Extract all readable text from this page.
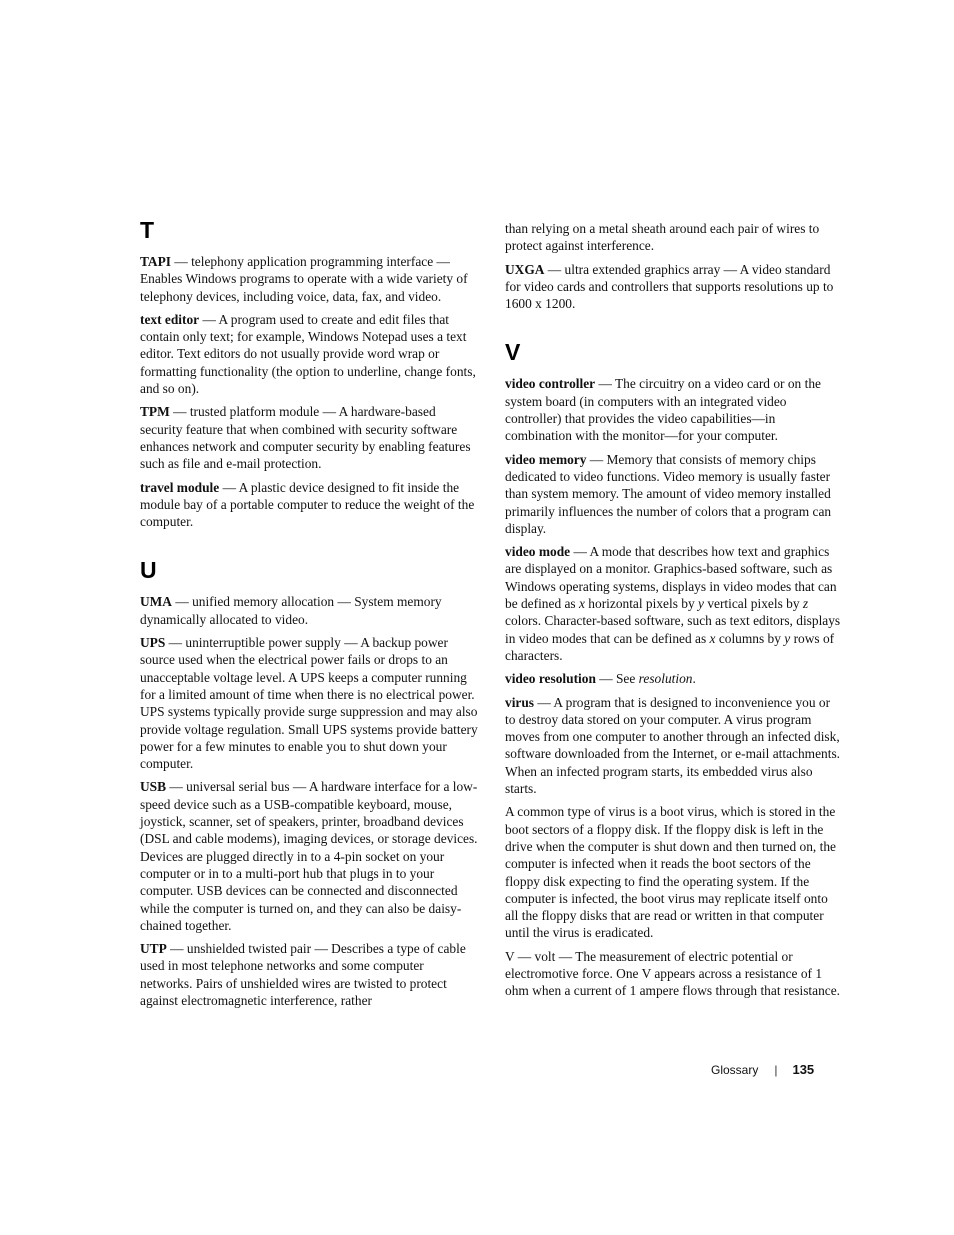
T

TAPI — telephony application programming interface — Enables Windows programs to operate with a wide variety of telephony devices, including voice, data, fax, and video.

text editor — A program used to create and edit files that contain only text; for example, Windows Notepad uses a text editor. Text editors do not usually provide word wrap or formatting functionality (the option to underline, change fonts, and so on).

TPM — trusted platform module — A hardware-based security feature that when combined with security software enhances network and computer security by enabling features such as file and e-mail protection.

travel module — A plastic device designed to fit inside the module bay of a portable computer to reduce the weight of the computer.

U

UMA — unified memory allocation — System memory dynamically allocated to video.

UPS — uninterruptible power supply — A backup power source used when the electrical power fails or drops to an unacceptable voltage level. A UPS keeps a computer running for a limited amount of time when there is no electrical power. UPS systems typically provide surge suppression and may also provide voltage regulation. Small UPS systems provide battery power for a few minutes to enable you to shut down your computer.

USB — universal serial bus — A hardware interface for a low-speed device such as a USB-compatible keyboard, mouse, joystick, scanner, set of speakers, printer, broadband devices (DSL and cable modems), imaging devices, or storage devices. Devices are plugged directly in to a 4-pin socket on your computer or in to a multi-port hub that plugs in to your computer. USB devices can be connected and disconnected while the computer is turned on, and they can also be daisy-chained together.

UTP — unshielded twisted pair — Describes a type of cable used in most telephone networks and some computer networks. Pairs of unshielded wires are twisted to protect against electromagnetic interference, rather

than relying on a metal sheath around each pair of wires to protect against interference.

UXGA — ultra extended graphics array — A video standard for video cards and controllers that supports resolutions up to 1600 x 1200.

V

video controller — The circuitry on a video card or on the system board (in computers with an integrated video controller) that provides the video capabilities—in combination with the monitor—for your computer.

video memory — Memory that consists of memory chips dedicated to video functions. Video memory is usually faster than system memory. The amount of video memory installed primarily influences the number of colors that a program can display.

video mode — A mode that describes how text and graphics are displayed on a monitor. Graphics-based software, such as Windows operating systems, displays in video modes that can be defined as x horizontal pixels by y vertical pixels by z colors. Character-based software, such as text editors, displays in video modes that can be defined as x columns by y rows of characters.

video resolution — See resolution.

virus — A program that is designed to inconvenience you or to destroy data stored on your computer. A virus program moves from one computer to another through an infected disk, software downloaded from the Internet, or e-mail attachments. When an infected program starts, its embedded virus also starts.

A common type of virus is a boot virus, which is stored in the boot sectors of a floppy disk. If the floppy disk is left in the drive when the computer is shut down and then turned on, the computer is infected when it reads the boot sectors of the floppy disk expecting to find the operating system. If the computer is infected, the boot virus may replicate itself onto all the floppy disks that are read or written in that computer until the virus is eradicated.

V — volt — The measurement of electric potential or electromotive force. One V appears across a resistance of 1 ohm when a current of 1 ampere flows through that resistance.

Glossary | 135
